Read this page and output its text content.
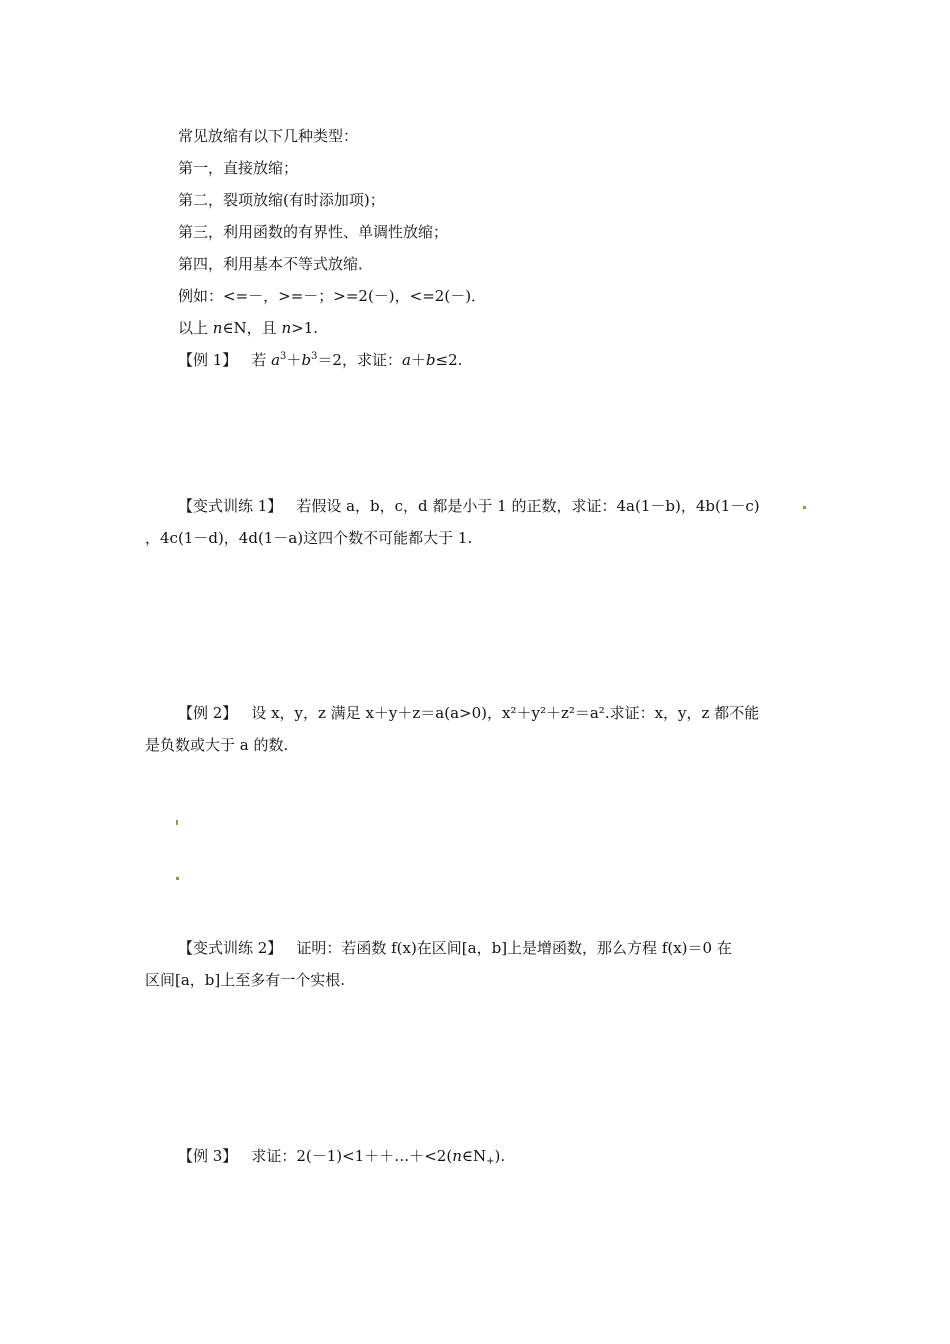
常见放缩有以下几种类型：
第一，直接放缩；
第二，裂项放缩(有时添加项)；
第三，利用函数的有界性、单调性放缩；
第四，利用基本不等式放缩．
例如：<=－，>=－；>=2(－)，<=2(－)．
以上 n∈N，且 n>1.
【例 1】 若 $a^3+b^3=2$，求证：a＋b≤2.
【变式训练 1】 若假设 a，b，c，d 都是小于 1 的正数，求证：4a(1－b)，4b(1－c)
，4c(1－d)，4d(1－a)这四个数不可能都大于 1.
【例 2】 设 x，y，z 满足 x＋y＋z＝a(a>0)，x²＋y²＋z²＝a².求证：x，y，z 都不能
是负数或大于 a 的数.
【变式训练 2】 证明：若函数 f(x)在区间[a，b]上是增函数，那么方程 f(x)＝0 在
区间[a，b]上至多有一个实根.
【例 3】 求证：$2(-1)<1++\dots+<2(n\in N_+)$.
